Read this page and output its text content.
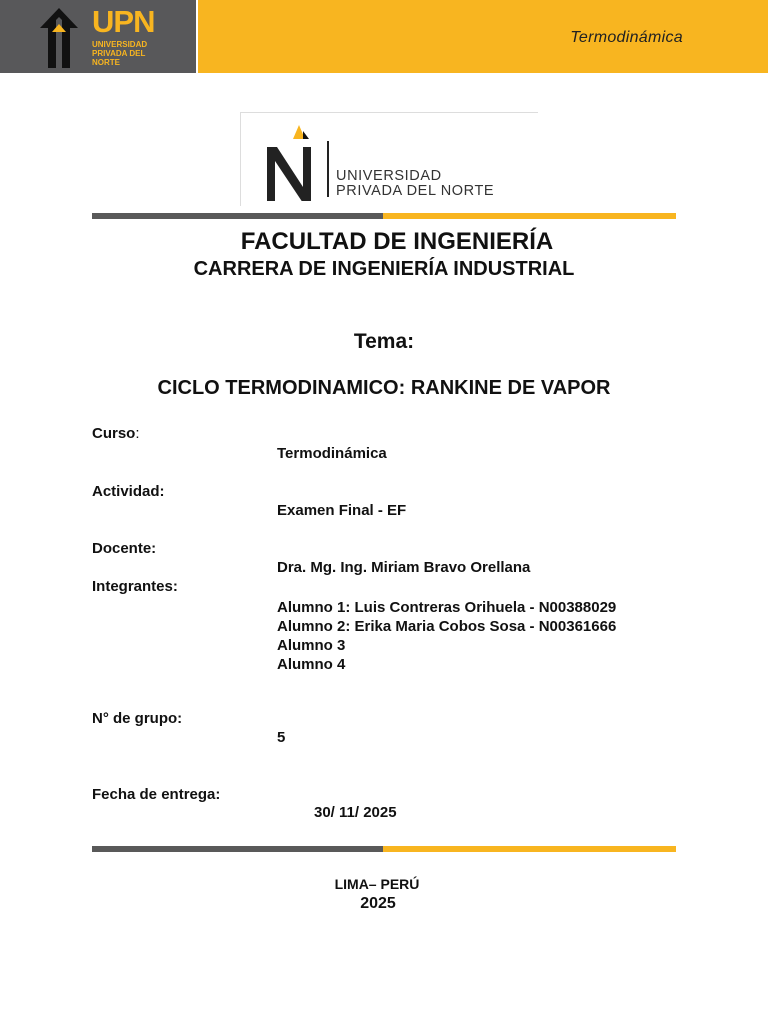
UPN
UNIVERSIDAD PRIVADA DEL NORTE
Termodinámica
UNIVERSIDAD
PRIVADA DEL NORTE
FACULTAD DE INGENIERÍA
CARRERA DE INGENIERÍA INDUSTRIAL
Tema:
CICLO TERMODINAMICO: RANKINE DE VAPOR
Curso:
Termodinámica
Actividad:
Examen Final - EF
Docente:
Dra. Mg. Ing. Miriam Bravo Orellana
Integrantes:
Alumno 1: Luis Contreras Orihuela - N00388029
Alumno 2: Erika Maria Cobos Sosa - N00361666
Alumno 3
Alumno 4
N° de grupo:
5
Fecha de entrega:
30/ 11/ 2025
LIMA– PERÚ
2025
